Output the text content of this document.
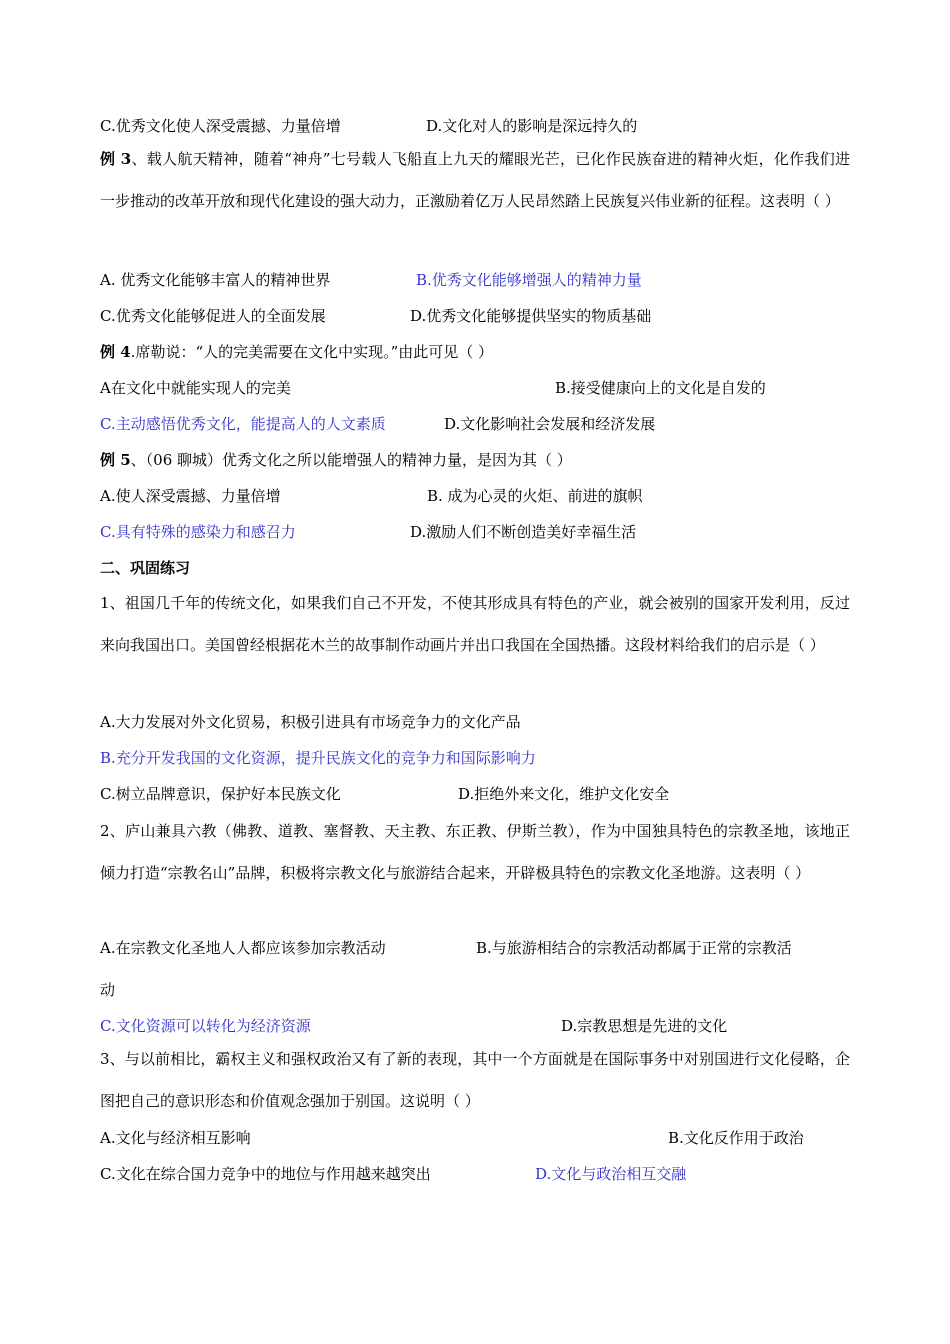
C.优秀文化使人深受震撼、力量倍增	D.文化对人的影响是深远持久的
例 3、载人航天精神，随着“神舟”七号载人飞船直上九天的耀眼光芒，已化作民族奋进的精神火炬，化作我们进一步推动的改革开放和现代化建设的强大动力，正激励着亿万人民昂然踏上民族复兴伟业新的征程。这表明（ ）
A. 优秀文化能够丰富人的精神世界	B.优秀文化能够增强人的精神力量
C.优秀文化能够促进人的全面发展	D.优秀文化能够提供坚实的物质基础
例 4.席勒说：“人的完美需要在文化中实现。”由此可见（ ）
A在文化中就能实现人的完美	B.接受健康向上的文化是自发的
C.主动感悟优秀文化，能提高人的人文素质	D.文化影响社会发展和经济发展
例 5、（06 聊城）优秀文化之所以能增强人的精神力量，是因为其（ ）
A.使人深受震撼、力量倍增	B. 成为心灵的火炬、前进的旗帜
C.具有特殊的感染力和感召力	D.激励人们不断创造美好幸福生活
二、巩固练习
1、祖国几千年的传统文化，如果我们自己不开发，不使其形成具有特色的产业，就会被别的国家开发利用，反过来向我国出口。美国曾经根据花木兰的故事制作动画片并出口我国在全国热播。这段材料给我们的启示是（ ）
A.大力发展对外文化贸易，积极引进具有市场竞争力的文化产品
B.充分开发我国的文化资源，提升民族文化的竞争力和国际影响力
C.树立品牌意识，保护好本民族文化	D.拒绝外来文化，维护文化安全
2、庐山兼具六教（佛教、道教、塞督教、天主教、东正教、伊斯兰教），作为中国独具特色的宗教圣地，该地正倾力打造“宗教名山”品牌，积极将宗教文化与旅游结合起来，开辟极具特色的宗教文化圣地游。这表明（ ）
A.在宗教文化圣地人人都应该参加宗教活动	B.与旅游相结合的宗教活动都属于正常的宗教活
动
C.文化资源可以转化为经济资源	D.宗教思想是先进的文化
3、与以前相比，霸权主义和强权政治又有了新的表现，其中一个方面就是在国际事务中对别国进行文化侵略，企图把自己的意识形态和价值观念强加于别国。这说明（ ）
A.文化与经济相互影响	B.文化反作用于政治
C.文化在综合国力竞争中的地位与作用越来越突出	D.文化与政治相互交融
